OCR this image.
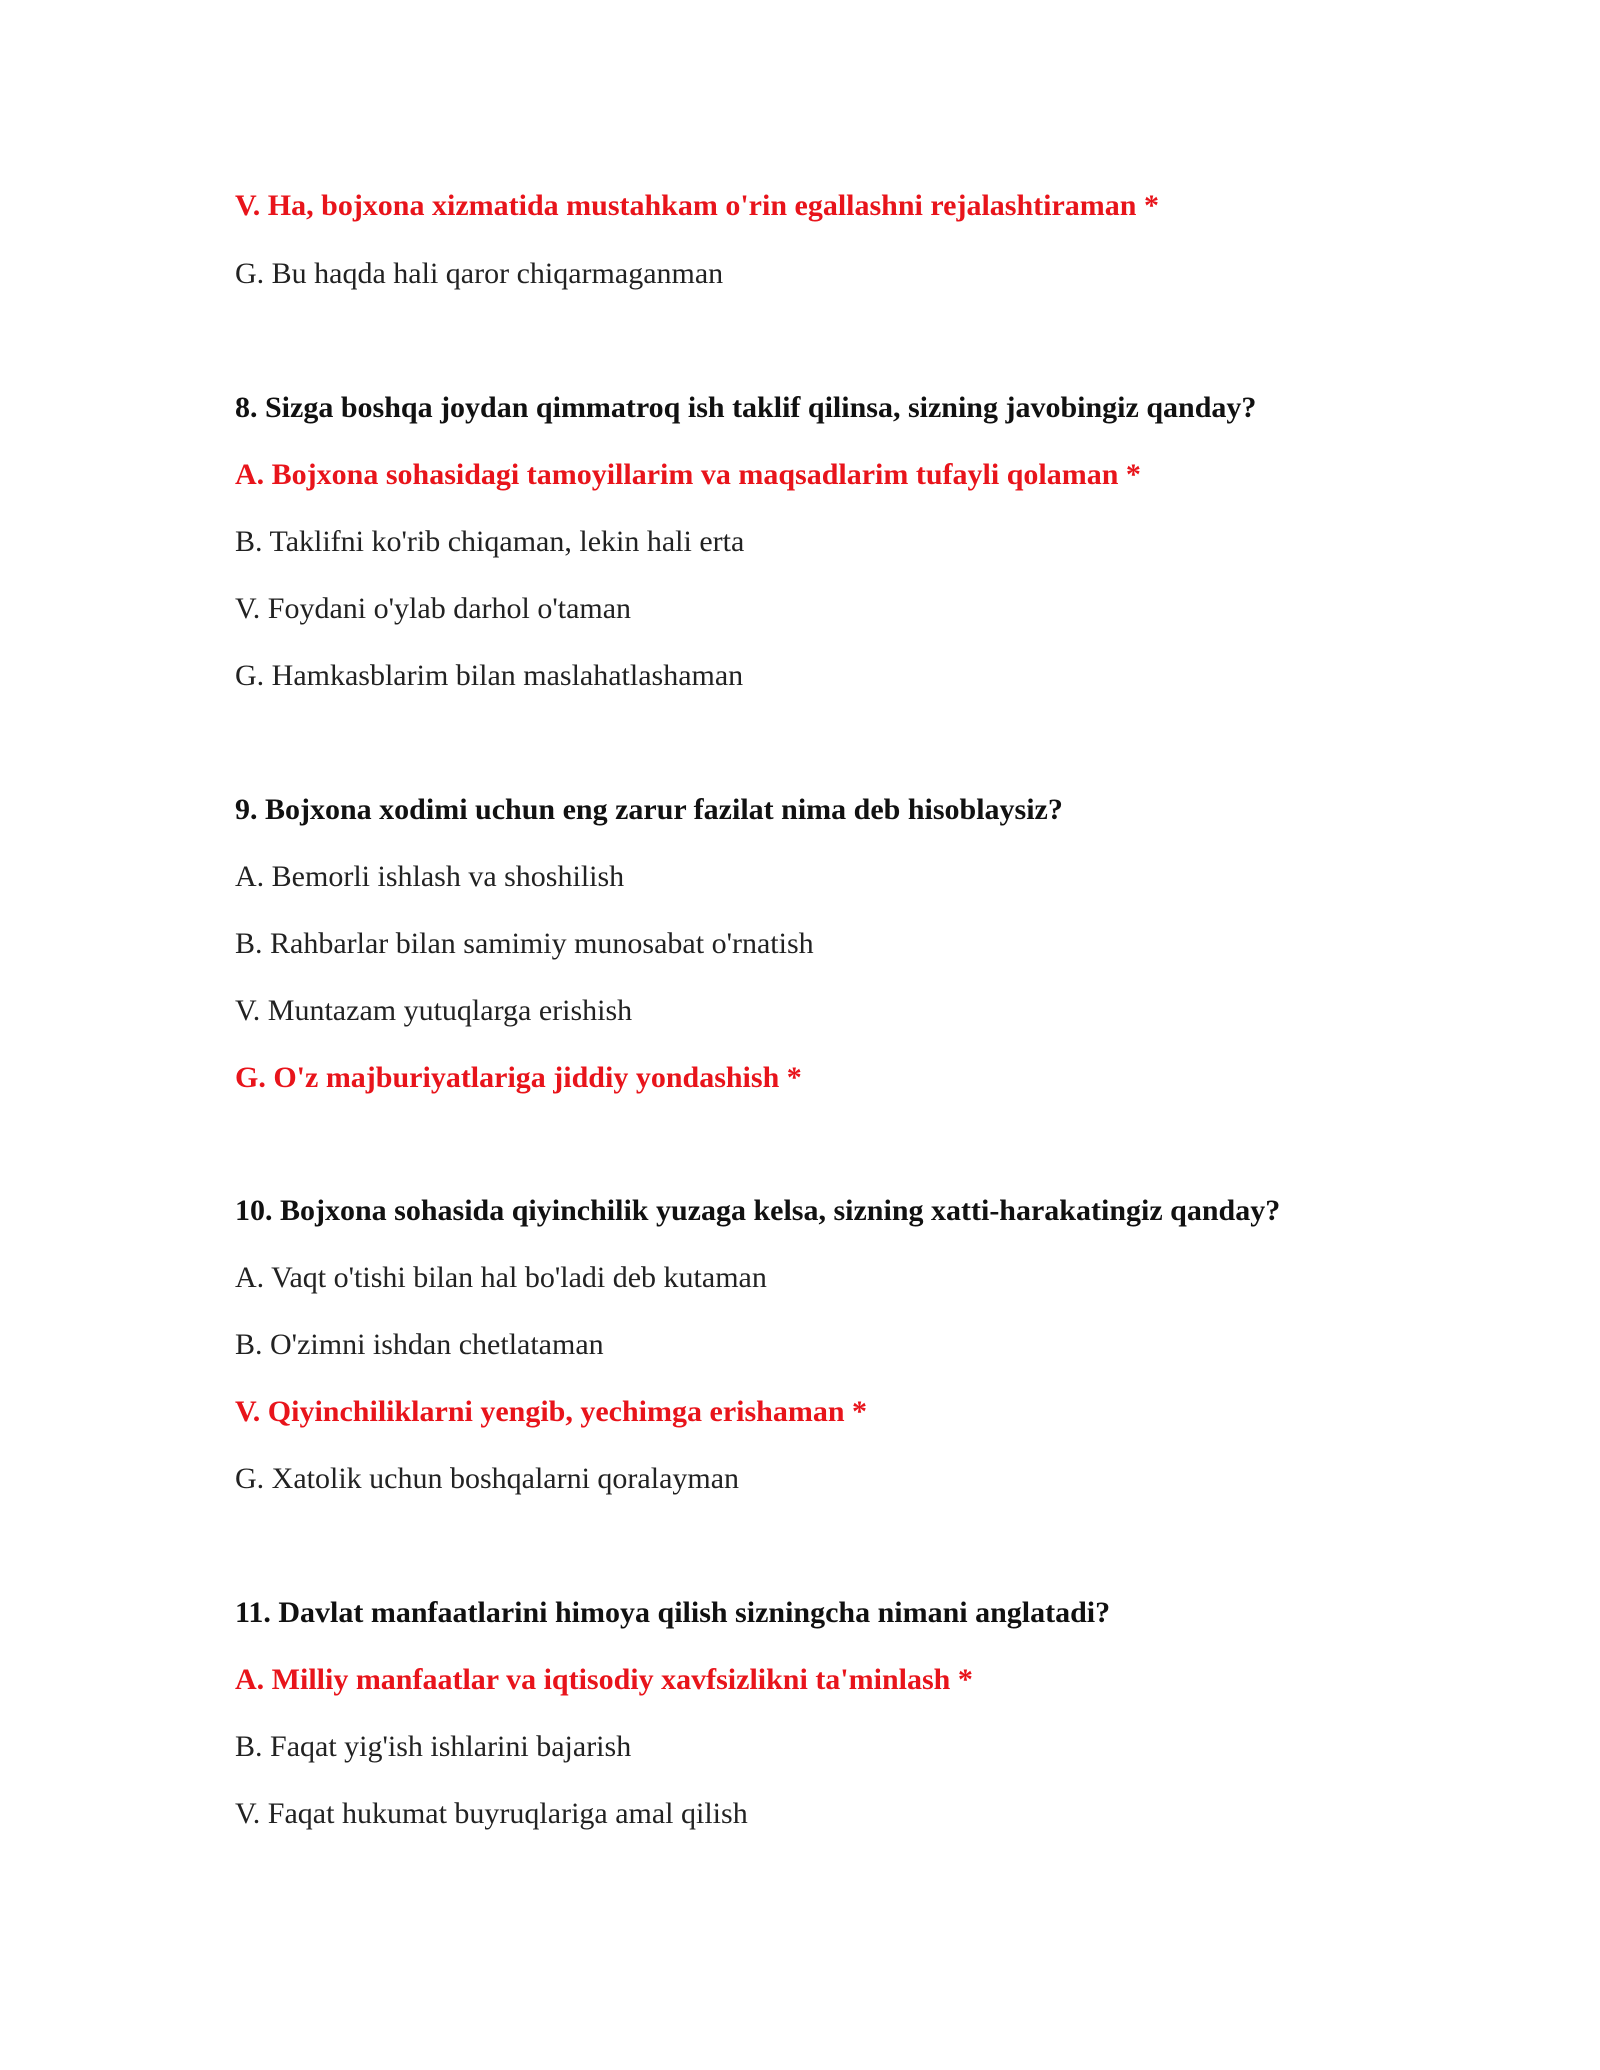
V. Ha, bojxona xizmatida mustahkam o'rin egallashni rejalashtiraman *
G. Bu haqda hali qaror chiqarmaganman
8. Sizga boshqa joydan qimmatroq ish taklif qilinsa, sizning javobingiz qanday?
A. Bojxona sohasidagi tamoyillarim va maqsadlarim tufayli qolaman *
B. Taklifni ko'rib chiqaman, lekin hali erta
V. Foydani o'ylab darhol o'taman
G. Hamkasblarim bilan maslahatlashaman
9. Bojxona xodimi uchun eng zarur fazilat nima deb hisoblaysiz?
A. Bemorli ishlash va shoshilish
B. Rahbarlar bilan samimiy munosabat o'rnatish
V. Muntazam yutuqlarga erishish
G. O'z majburiyatlariga jiddiy yondashish *
10. Bojxona sohasida qiyinchilik yuzaga kelsa, sizning xatti-harakatingiz qanday?
A. Vaqt o'tishi bilan hal bo'ladi deb kutaman
B. O'zimni ishdan chetlataman
V. Qiyinchiliklarni yengib, yechimga erishaman *
G. Xatolik uchun boshqalarni qoralayman
11. Davlat manfaatlarini himoya qilish sizningcha nimani anglatadi?
A. Milliy manfaatlar va iqtisodiy xavfsizlikni ta'minlash *
B. Faqat yig'ish ishlarini bajarish
V. Faqat hukumat buyruqlariga amal qilish
